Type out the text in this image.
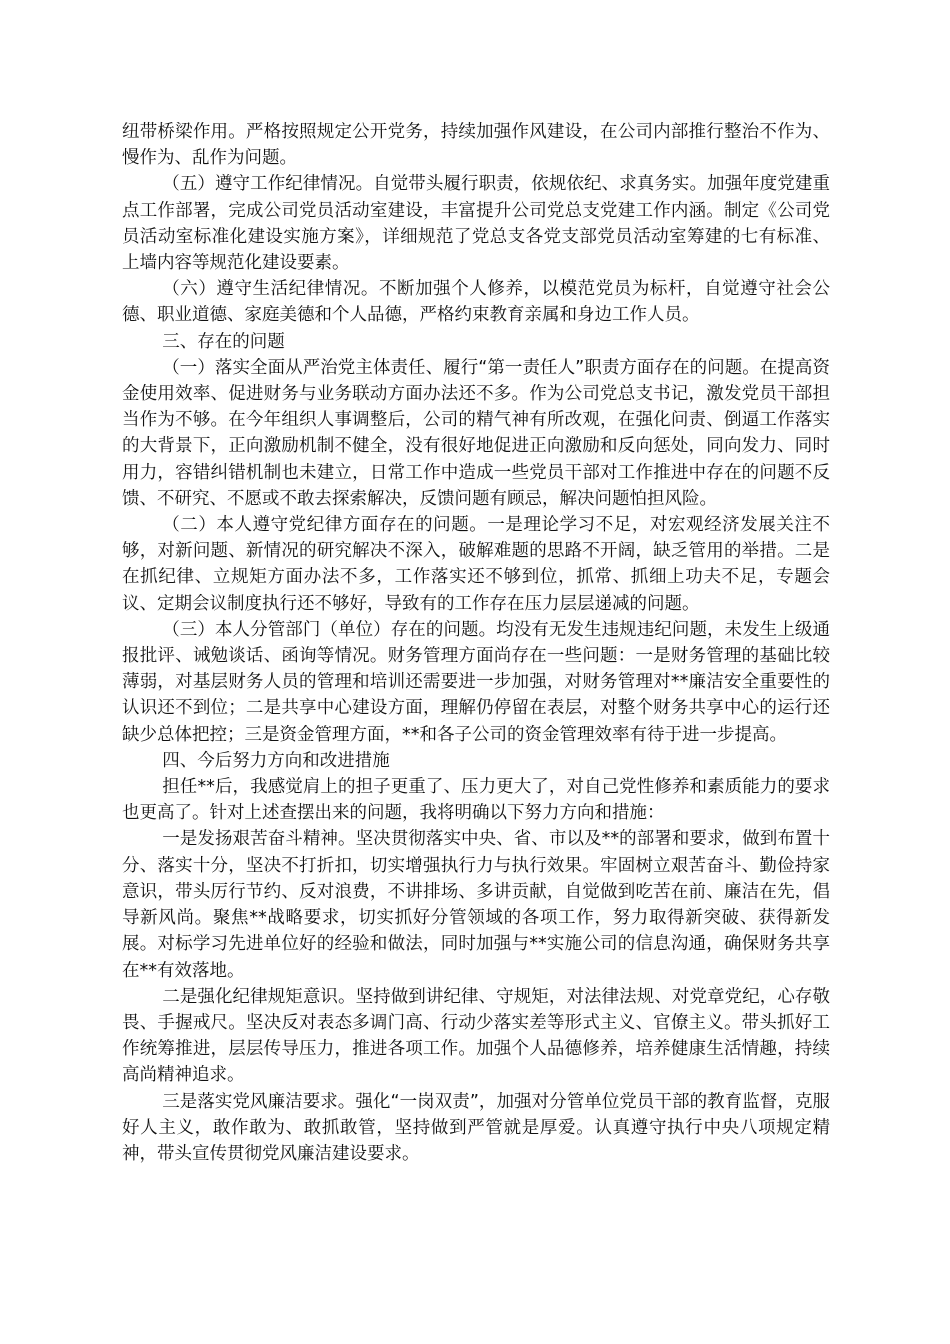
纽带桥梁作用。严格按照规定公开党务，持续加强作风建设，在公司内部推行整治不作为、慢作为、乱作为问题。

（五）遵守工作纪律情况。自觉带头履行职责，依规依纪、求真务实。加强年度党建重点工作部署，完成公司党员活动室建设，丰富提升公司党总支党建工作内涵。制定《公司党员活动室标准化建设实施方案》，详细规范了党总支各党支部党员活动室筹建的七有标准、上墙内容等规范化建设要素。

（六）遵守生活纪律情况。不断加强个人修养，以模范党员为标杆，自觉遵守社会公德、职业道德、家庭美德和个人品德，严格约束教育亲属和身边工作人员。

三、存在的问题

（一）落实全面从严治党主体责任、履行“第一责任人”职责方面存在的问题。在提高资金使用效率、促进财务与业务联动方面办法还不多。作为公司党总支书记，激发党员干部担当作为不够。在今年组织人事调整后，公司的精气神有所改观，在强化问责、倒逼工作落实的大背景下，正向激励机制不健全，没有很好地促进正向激励和反向惩处，同向发力、同时用力，容错纠错机制也未建立，日常工作中造成一些党员干部对工作推进中存在的问题不反馈、不研究、不愿或不敢去探索解决，反馈问题有顾忌，解决问题怕担风险。

（二）本人遵守党纪律方面存在的问题。一是理论学习不足，对宏观经济发展关注不够，对新问题、新情况的研究解决不深入，破解难题的思路不开阔，缺乏管用的举措。二是在抓纪律、立规矩方面办法不多，工作落实还不够到位，抓常、抓细上功夫不足，专题会议、定期会议制度执行还不够好，导致有的工作存在压力层层递减的问题。

（三）本人分管部门（单位）存在的问题。均没有无发生违规违纪问题，未发生上级通报批评、诫勉谈话、函询等情况。财务管理方面尚存在一些问题：一是财务管理的基础比较薄弱，对基层财务人员的管理和培训还需要进一步加强，对财务管理对**廉洁安全重要性的认识还不到位；二是共享中心建设方面，理解仍停留在表层，对整个财务共享中心的运行还缺少总体把控；三是资金管理方面，**和各子公司的资金管理效率有待于进一步提高。

四、今后努力方向和改进措施

担任**后，我感觉肩上的担子更重了、压力更大了，对自己党性修养和素质能力的要求也更高了。针对上述查摆出来的问题，我将明确以下努力方向和措施：

一是发扬艰苦奋斗精神。坚决贯彻落实中央、省、市以及**的部署和要求，做到布置十分、落实十分，坚决不打折扣，切实增强执行力与执行效果。牢固树立艰苦奋斗、勤俭持家意识，带头厉行节约、反对浪费，不讲排场、多讲贡献，自觉做到吃苦在前、廉洁在先，倡导新风尚。聚焦**战略要求，切实抓好分管领域的各项工作，努力取得新突破、获得新发展。对标学习先进单位好的经验和做法，同时加强与**实施公司的信息沟通，确保财务共享在**有效落地。

二是强化纪律规矩意识。坚持做到讲纪律、守规矩，对法律法规、对党章党纪，心存敬畏、手握戒尺。坚决反对表态多调门高、行动少落实差等形式主义、官僚主义。带头抓好工作统筹推进，层层传导压力，推进各项工作。加强个人品德修养，培养健康生活情趣，持续高尚精神追求。

三是落实党风廉洁要求。强化“一岗双责”，加强对分管单位党员干部的教育监督，克服好人主义，敢作敢为、敢抓敢管，坚持做到严管就是厚爱。认真遵守执行中央八项规定精神，带头宣传贯彻党风廉洁建设要求。
